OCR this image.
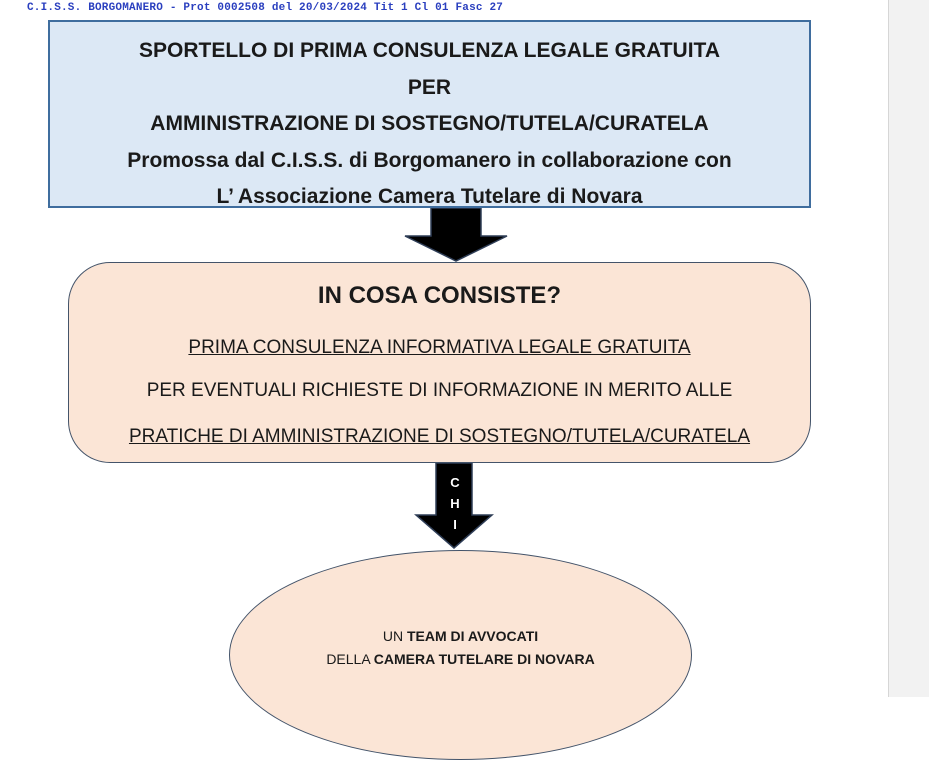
C.I.S.S. BORGOMANERO - Prot 0002508 del 20/03/2024 Tit 1 Cl 01 Fasc 27
SPORTELLO DI PRIMA CONSULENZA LEGALE GRATUITA
PER
AMMINISTRAZIONE DI SOSTEGNO/TUTELA/CURATELA
Promossa dal C.I.S.S. di Borgomanero in collaborazione con
L’ Associazione Camera Tutelare di Novara
IN COSA CONSISTE?
PRIMA CONSULENZA INFORMATIVA LEGALE GRATUITA
PER EVENTUALI RICHIESTE DI INFORMAZIONE IN MERITO ALLE
PRATICHE DI AMMINISTRAZIONE DI SOSTEGNO/TUTELA/CURATELA
C
H
I
UN TEAM DI AVVOCATI
DELLA CAMERA TUTELARE DI NOVARA
